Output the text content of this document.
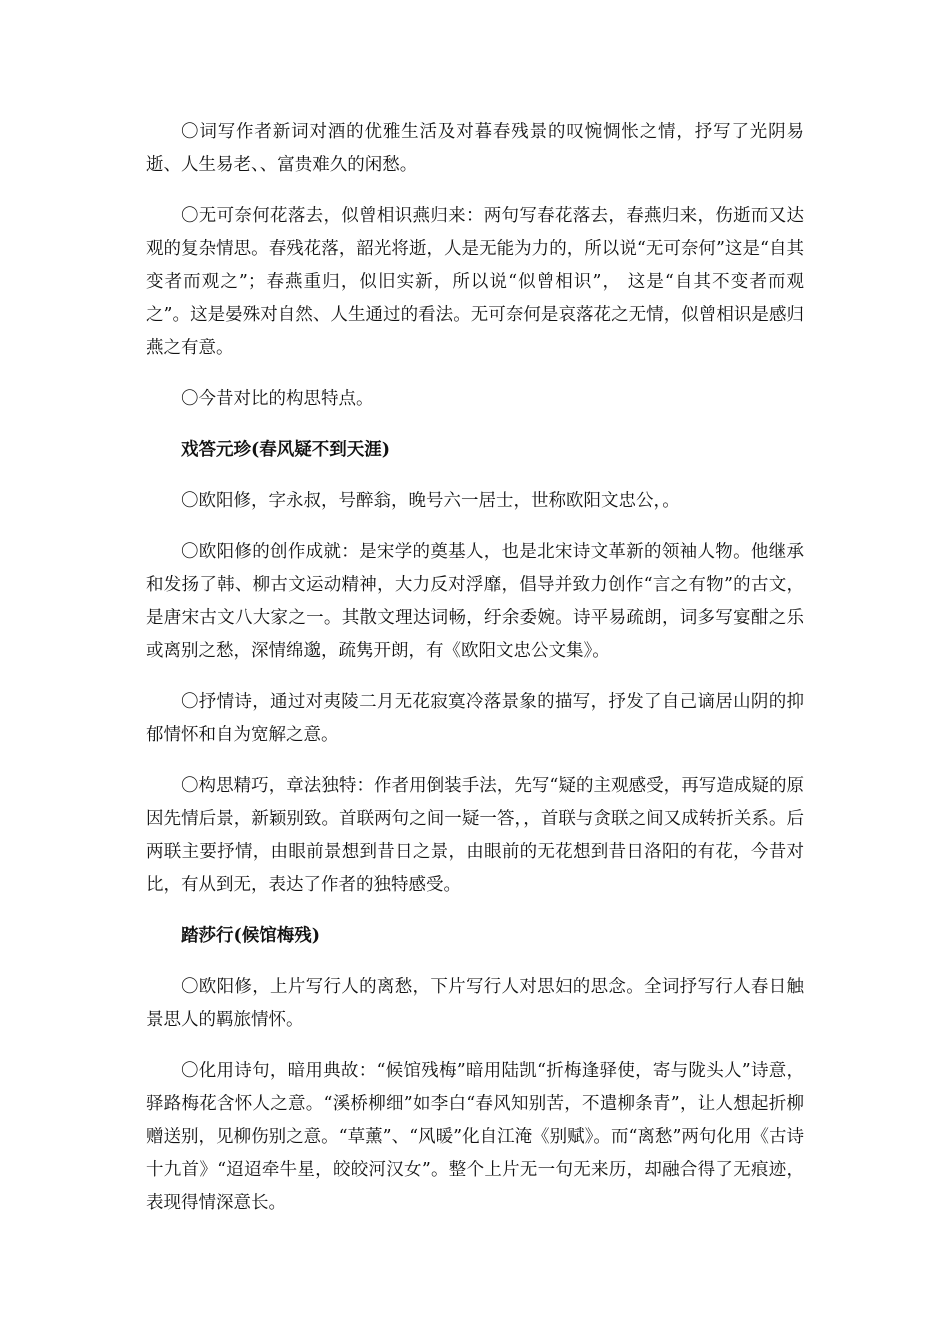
〇词写作者新词对酒的优雅生活及对暮春残景的叹惋惆怅之情，抒写了光阴易逝、人生易老、、富贵难久的闲愁。

〇无可奈何花落去，似曾相识燕归来：两句写春花落去，春燕归来，伤逝而又达观的复杂情思。春残花落，韶光将逝，人是无能为力的，所以说“无可奈何”这是“自其变者而观之”；春燕重归，似旧实新，所以说“似曾相识”， 这是“自其不变者而观之”。这是晏殊对自然、人生通过的看法。无可奈何是哀落花之无情，似曾相识是感归燕之有意。

〇今昔对比的构思特点。

戏答元珍(春风疑不到天涯)

〇欧阳修，字永叔，号醉翁，晚号六一居士，世称欧阳文忠公，。

〇欧阳修的创作成就：是宋学的奠基人，也是北宋诗文革新的领袖人物。他继承和发扬了韩、柳古文运动精神，大力反对浮靡，倡导并致力创作“言之有物”的古文，是唐宋古文八大家之一。其散文理达词畅，纡余委婉。诗平易疏朗，词多写宴酣之乐或离别之愁，深情绵邈，疏隽开朗，有《欧阳文忠公文集》。

〇抒情诗，通过对夷陵二月无花寂寞冷落景象的描写，抒发了自己谪居山阴的抑郁情怀和自为宽解之意。

〇构思精巧，章法独特：作者用倒装手法，先写“疑的主观感受，再写造成疑的原因先情后景，新颖别致。首联两句之间一疑一答，，首联与贪联之间又成转折关系。后两联主要抒情，由眼前景想到昔日之景，由眼前的无花想到昔日洛阳的有花，今昔对比，有从到无，表达了作者的独特感受。

踏莎行(候馆梅残)

〇欧阳修，上片写行人的离愁，下片写行人对思妇的思念。全词抒写行人春日触景思人的羁旅情怀。

〇化用诗句，暗用典故：“候馆残梅”暗用陆凯“折梅逢驿使，寄与陇头人”诗意，驿路梅花含怀人之意。“溪桥柳细”如李白“春风知别苦，不遣柳条青”，让人想起折柳赠送别，见柳伤别之意。“草薰”、“风暖”化自江淹《别赋》。而“离愁”两句化用《古诗十九首》“迢迢牵牛星，皎皎河汉女”。整个上片无一句无来历，却融合得了无痕迹，表现得情深意长。
